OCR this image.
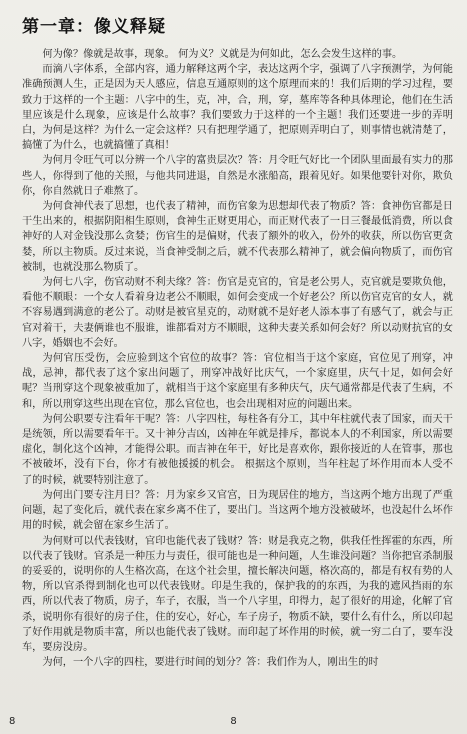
第一章：像义释疑

何为像？像就是故事，现象。 何为义？义就是为何如此，怎么会发生这样的事。

而滴八字体系，全部内容，通力解释这两个字，表达这两个字，强调了八字预测学，为何能准确预测人生，正是因为天人感应，信息互通原则的这个原理而来的！我们后期的学习过程，要致力于这样的一个主题：八字中的生，克，冲，合，刑，穿，墓库等各种具体理论，他们在生活里应该是什么现象，应该是什么故事？我们要致力于这样的一个主题！我们还要进一步的弄明白，为何是这样？为什么一定会这样？只有把理学通了，把原则弄明白了，则事情也就清楚了，搞懂了为什么，也就搞懂了真相！

为何月令旺气可以分辨一个八字的富贵层次？答：月令旺气好比一个团队里面最有实力的那些人，你得到了他的关照，与他共同进退，自然是水涨船高，跟着见好。如果他要针对你，欺负你，你自然就日子难熬了。

为何食神代表了思想，也代表了精神，而伤官象为思想却代表了物质？答：食神伤官都是日干生出来的，根据阴阳相生原则，食神生正财更用心，而正财代表了一日三餐最低消费，所以食神好的人对金钱没那么贪婪；伤官生的是偏财，代表了额外的收入，份外的收获，所以伤官更贪婪，所以主物质。反过来说，当食神受制之后，就不代表那么精神了，就会偏向物质了，而伤官被制，也就没那么物质了。

为何七八字，伤官动财不利夫缘？答：伤官是克官的，官是老公男人，克官就是要欺负他，看他不顺眼：一个女人看着身边老公不顺眼，如何会变成一个好老公？所以伤官克官的女人，就不容易遇到满意的老公了。动财是被官星克的，动财就不是好老人添本事了有感气了，就会与正官对着干，夫妻俩谁也不服谁，谁都看对方不顺眼，这种夫妻关系如何会好？所以动财抗官的女八字，婚姻也不会好。

为何官压受伤，会应验到这个官位的故事？答：官位相当于这个家庭，官位见了刑穿，冲战，忌神，都代表了这个家出问题了，刑穿冲战好比庆气，一个家庭里，庆气十足，如何会好呢？当刑穿这个现象被重加了，就相当于这个家庭里有多种庆气，庆气通常都是代表了生病，不和，所以刑穿这些出现在官位，那么官位也，也会出现相对应的问题出来。

为何公职要专注看年干呢？答：八字四柱，每柱各有分工，其中年柱就代表了国家，而天干是统领，所以需要看年干。又十神分吉凶，凶神在年就是排斥，都说本人的不利国家，所以需要虚化，制化这个凶神，才能得公职。而吉神在年干，好比是喜欢你，跟你接近的人在管事，那也不被破坏，没有下台，你才有被他援援的机会。 根据这个原则，当年柱起了坏作用而本人受不了的时候，就要特别注意了。

为何出门要专注月日？答：月为家乡又官宫，日为现居住的地方，当这两个地方出现了严重问题，起了变化后，就代表在家乡离不住了，要出门。当这两个地方没被破坏，也没起什么坏作用的时候，就会留在家乡生活了。

为何财可以代表钱财，官印也能代表了钱财？答：财是我克之物，供我任性挥霍的东西，所以代表了钱财。官杀是一种压力与责任，很可能也是一种问题，人生谁没问题？当你把官杀制服的妥妥的，说明你的人生格次高，在这个社会里，擅长解决问题，格次高的，都是有权有势的人物，所以官杀得到制化也可以代表钱财。印是生我的，保护我的的东西，为我的遮风挡雨的东西，所以代表了物质，房子，车子，衣服，当一个八字里，印得力，起了很好的用途，化解了官杀，说明你有很好的房子住，住的安心，好心，车子房子，物质不缺，要什么有什么，所以印起了好作用就是物质丰富，所以也能代表了钱财。而印起了坏作用的时候，就一穷二白了，要车没车，要房没房。

为何，一个八字的四柱，要进行时间的划分？答：我们作为人，刚出生的时

8	8
